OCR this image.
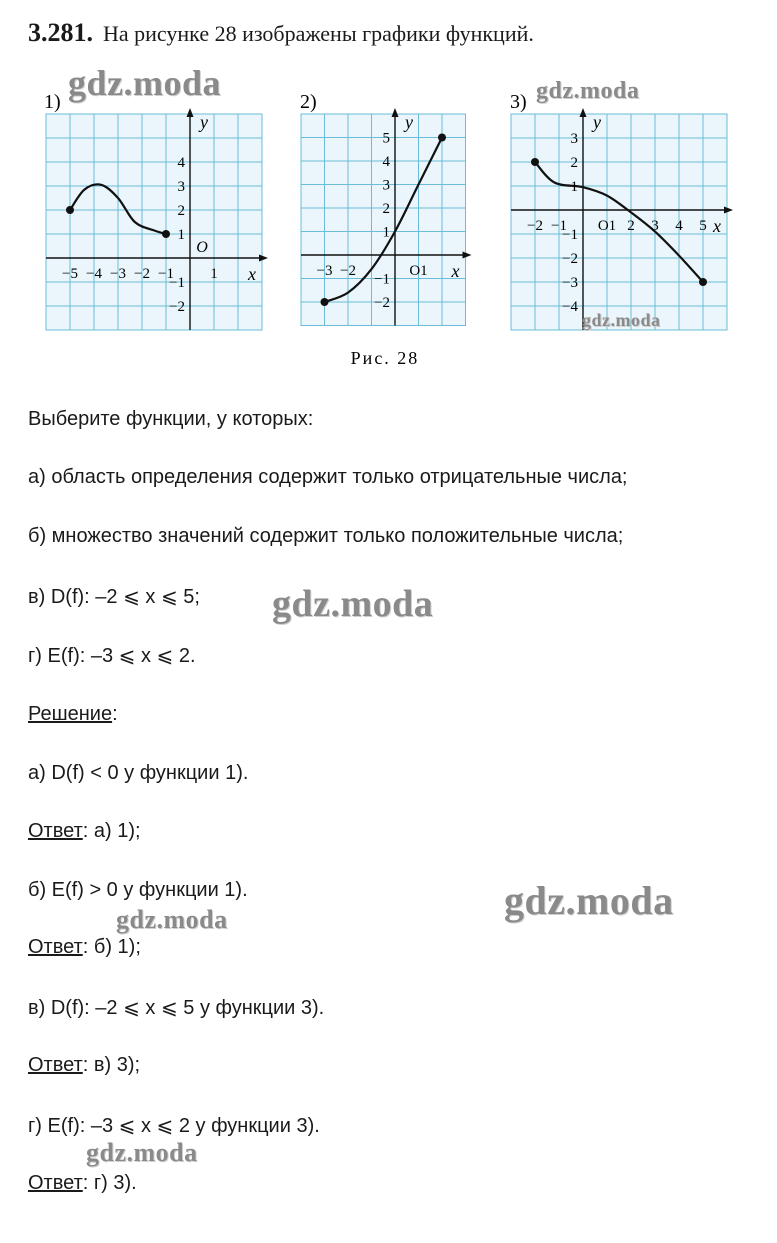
3.281. На рисунке 28 изображены графики функций.
1)
x
y
O
−5 −4 −3 −2 −1 1
4
3
2
1
−1
−2
2)
x
y
−3 −2	O1
5
4
3
2
1
−1
−2
3)
x
y
−2 −1 O1 2 3 4 5
3
2
1
−1
−2
−3
−4
Рис. 28
gdz.moda	gdz.moda
gdz.moda
gdz.moda
gdz.moda
gdz.moda
gdz.moda
Выберите функции, у которых:
а) область определения содержит только отрицательные числа;
б) множество значений содержит только положительные числа;
в) D(f): –2 ⩽ x ⩽ 5;
г) E(f): –3 ⩽ x ⩽ 2.
Решение:
а) D(f) < 0 у функции 1).
Ответ: а) 1);
б) E(f) > 0 у функции 1).
Ответ: б) 1);
в) D(f): –2 ⩽ x ⩽ 5 у функции 3).
Ответ: в) 3);
г) E(f): –3 ⩽ x ⩽ 2 у функции 3).
Ответ: г) 3).
